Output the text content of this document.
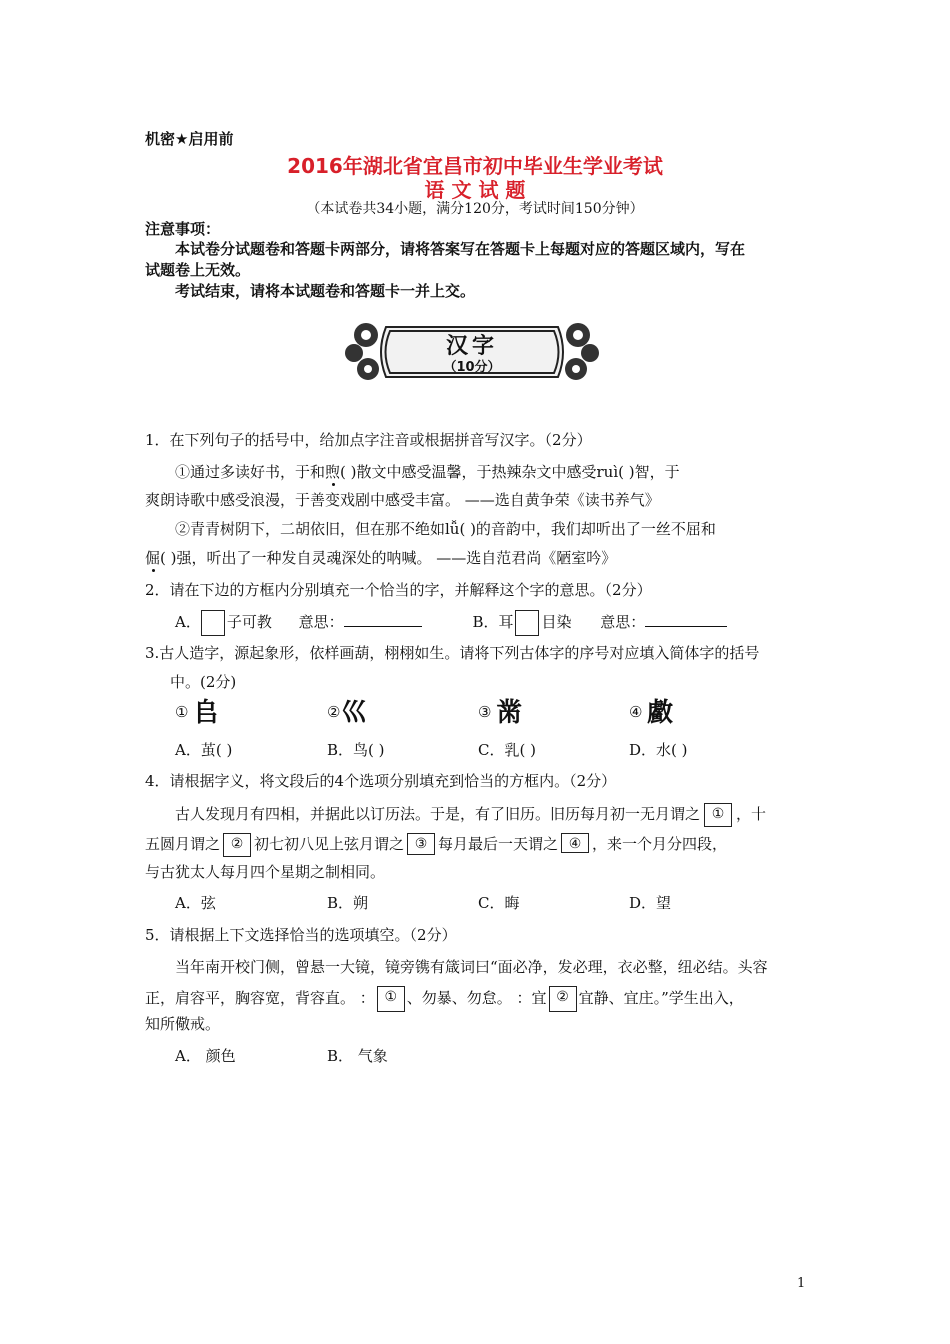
机密★启用前
2016年湖北省宜昌市初中毕业生学业考试
语 文 试 题
（本试卷共34小题，满分120分，考试时间150分钟）
注意事项：
本试卷分试题卷和答题卡两部分，请将答案写在答题卡上每题对应的答题区域内，写在
试题卷上无效。
考试结束，请将本试题卷和答题卡一并上交。
汉字
（10分）
1．在下列句子的括号中，给加点字注音或根据拼音写汉字。（2分）
①通过多读好书，于和煦( )散文中感受温馨，于热辣杂文中感受ruì( )智，于
爽朗诗歌中感受浪漫，于善变戏剧中感受丰富。 ——选自黄争荣《读书养气》
②青青树阴下，二胡依旧，但在那不绝如lǚ( )的音韵中，我们却听出了一丝不屈和
倔( )强，听出了一种发自灵魂深处的呐喊。 ——选自范君尚《陋室吟》
2．请在下边的方框内分别填充一个恰当的字，并解释这个字的意思。（2分）
A． 子可教 意思：	B．耳 目染 意思：
3.古人造字，源起象形，依样画葫，栩栩如生。请将下列古体字的序号对应填入简体字的括号
中。(2分)
① 𠂤	②巛	③ 黹	④ 䲣
A．茧( )	B．鸟( )	C．乳( )	D．水( )
4．请根据字义，将文段后的4个选项分别填充到恰当的方框内。（2分）
古人发现月有四相，并据此以订历法。于是，有了旧历。旧历每月初一无月谓之 ① ，十
五圆月谓之 ② 初七初八见上弦月谓之 ③ 每月最后一天谓之 ④ ，来一个月分四段，
与古犹太人每月四个星期之制相同。
A．弦	B．朔	C．晦	D．望
5．请根据上下文选择恰当的选项填空。（2分）
当年南开校门侧，曾悬一大镜，镜旁镌有箴词曰“面必净，发必理，衣必整，纽必结。头容
正，肩容平，胸容宽，背容直。 ： ① 、勿暴、勿怠。 ：宜 ② 宜静、宜庄。”学生出入，
知所儆戒。
A． 颜色	B． 气象
1
